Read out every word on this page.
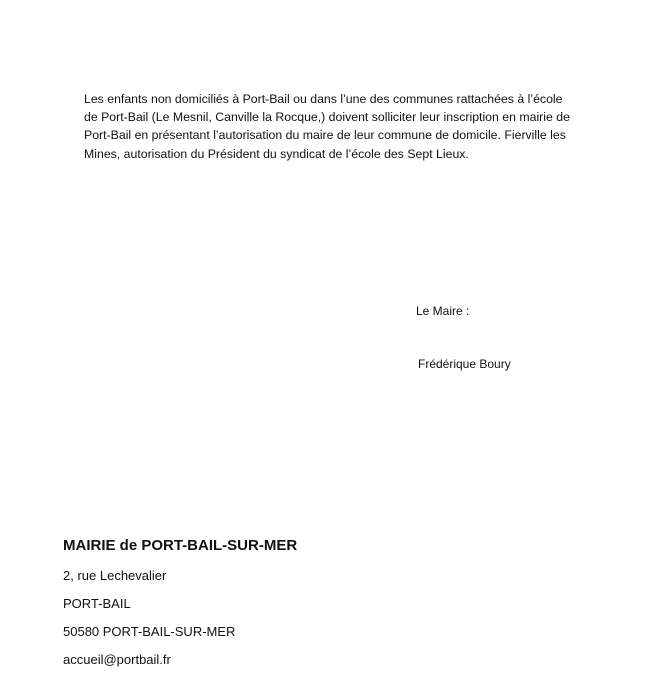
Les enfants non domiciliés à Port-Bail ou dans l’une des communes rattachées à l’école de Port-Bail (Le Mesnil, Canville la Rocque,) doivent solliciter leur inscription en mairie de Port-Bail en présentant l’autorisation du maire de leur commune de domicile. Fierville les Mines, autorisation du Président du syndicat de l’école des Sept Lieux.

Le Maire :

Frédérique Boury

MAIRIE de PORT-BAIL-SUR-MER

2, rue Lechevalier

PORT-BAIL

50580 PORT-BAIL-SUR-MER

accueil@portbail.fr
